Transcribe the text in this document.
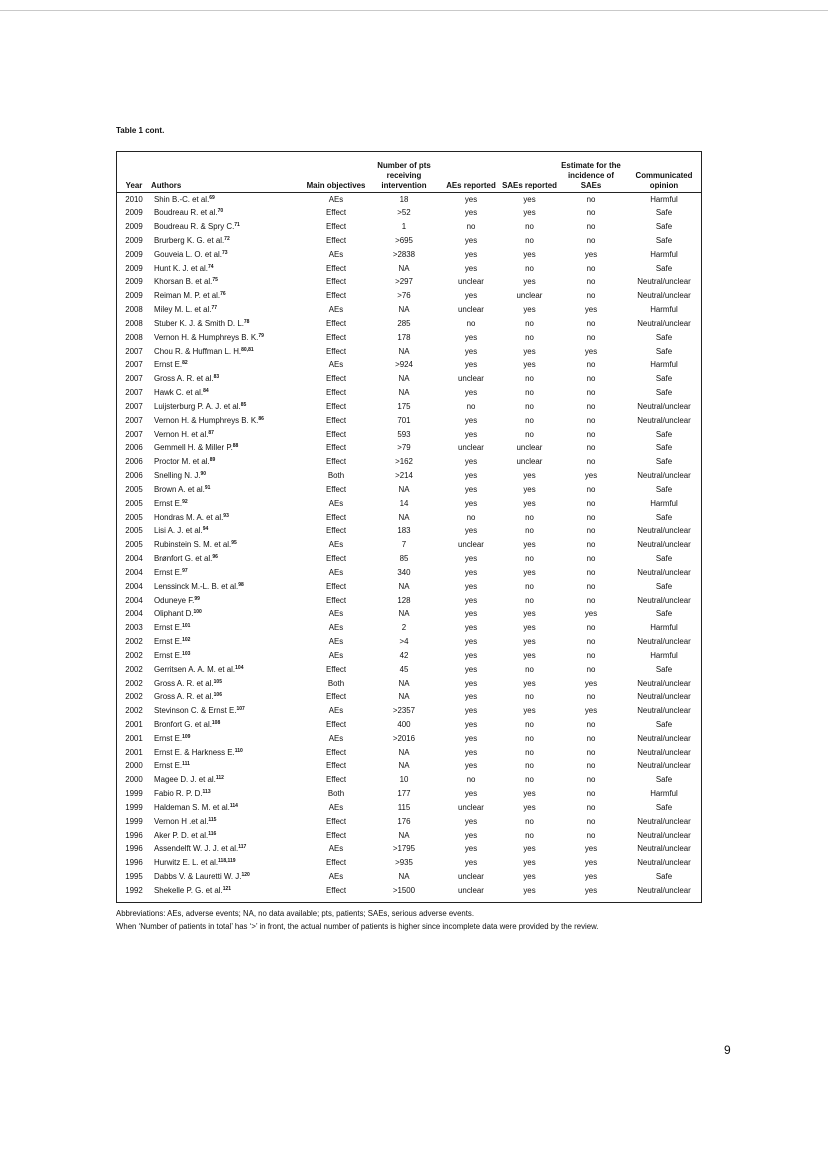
Table 1 cont.
Year	Authors	Main objectives	Number of pts receiving intervention	AEs reported	SAEs reported	Estimate for the incidence of SAEs	Communicated opinion
2010	Shin B.-C. et al.$^{69}$	AEs	18	yes	yes	no	Harmful
2009	Boudreau R. et al.$^{70}$	Effect	>52	yes	yes	no	Safe
2009	Boudreau R. & Spry C.$^{71}$	Effect	1	no	no	no	Safe
2009	Brurberg K. G. et al.$^{72}$	Effect	>695	yes	no	no	Safe
2009	Gouveia L. O. et al.$^{73}$	AEs	>2838	yes	yes	yes	Harmful
2009	Hunt K. J. et al.$^{74}$	Effect	NA	yes	no	no	Safe
2009	Khorsan B. et al.$^{75}$	Effect	>297	unclear	yes	no	Neutral/unclear
2009	Reiman M. P. et al.$^{76}$	Effect	>76	yes	unclear	no	Neutral/unclear
2008	Miley M. L. et al.$^{77}$	AEs	NA	unclear	yes	yes	Harmful
2008	Stuber K. J. & Smith D. L.$^{78}$	Effect	285	no	no	no	Neutral/unclear
2008	Vernon H. & Humphreys B. K.$^{79}$	Effect	178	yes	no	no	Safe
2007	Chou R. & Huffman L. H.$^{80,81}$	Effect	NA	yes	yes	yes	Safe
2007	Ernst E.$^{82}$	AEs	>924	yes	yes	no	Harmful
2007	Gross A. R. et al.$^{83}$	Effect	NA	unclear	no	no	Safe
2007	Hawk C. et al.$^{84}$	Effect	NA	yes	no	no	Safe
2007	Luijsterburg P. A. J. et al.$^{85}$	Effect	175	no	no	no	Neutral/unclear
2007	Vernon H. & Humphreys B. K.$^{86}$	Effect	701	yes	no	no	Neutral/unclear
2007	Vernon H. et al.$^{87}$	Effect	593	yes	no	no	Safe
2006	Gemmell H. & Miller P.$^{88}$	Effect	>79	unclear	unclear	no	Safe
2006	Proctor M. et al.$^{89}$	Effect	>162	yes	unclear	no	Safe
2006	Snelling N. J.$^{90}$	Both	>214	yes	yes	yes	Neutral/unclear
2005	Brown A. et al.$^{91}$	Effect	NA	yes	yes	no	Safe
2005	Ernst E.$^{92}$	AEs	14	yes	yes	no	Harmful
2005	Hondras M. A. et al.$^{93}$	Effect	NA	no	no	no	Safe
2005	Lisi A. J. et al.$^{94}$	Effect	183	yes	no	no	Neutral/unclear
2005	Rubinstein S. M. et al.$^{95}$	AEs	7	unclear	yes	no	Neutral/unclear
2004	Brønfort G. et al.$^{96}$	Effect	85	yes	no	no	Safe
2004	Ernst E.$^{97}$	AEs	340	yes	yes	no	Neutral/unclear
2004	Lenssinck M.-L. B. et al.$^{98}$	Effect	NA	yes	no	no	Safe
2004	Oduneye F.$^{99}$	Effect	128	yes	no	no	Neutral/unclear
2004	Oliphant D.$^{100}$	AEs	NA	yes	yes	yes	Safe
2003	Ernst E.$^{101}$	AEs	2	yes	yes	no	Harmful
2002	Ernst E.$^{102}$	AEs	>4	yes	yes	no	Neutral/unclear
2002	Ernst E.$^{103}$	AEs	42	yes	yes	no	Harmful
2002	Gerritsen A. A. M. et al.$^{104}$	Effect	45	yes	no	no	Safe
2002	Gross A. R. et al.$^{105}$	Both	NA	yes	yes	yes	Neutral/unclear
2002	Gross A. R. et al.$^{106}$	Effect	NA	yes	no	no	Neutral/unclear
2002	Stevinson C. & Ernst E.$^{107}$	AEs	>2357	yes	yes	yes	Neutral/unclear
2001	Bronfort G. et al.$^{108}$	Effect	400	yes	no	no	Safe
2001	Ernst E.$^{109}$	AEs	>2016	yes	no	no	Neutral/unclear
2001	Ernst E. & Harkness E.$^{110}$	Effect	NA	yes	no	no	Neutral/unclear
2000	Ernst E.$^{111}$	Effect	NA	yes	no	no	Neutral/unclear
2000	Magee D. J. et al.$^{112}$	Effect	10	no	no	no	Safe
1999	Fabio R. P. D.$^{113}$	Both	177	yes	yes	no	Harmful
1999	Haldeman S. M. et al.$^{114}$	AEs	115	unclear	yes	no	Safe
1999	Vernon H .et al.$^{115}$	Effect	176	yes	no	no	Neutral/unclear
1996	Aker P. D. et al.$^{116}$	Effect	NA	yes	no	no	Neutral/unclear
1996	Assendelft W. J. J. et al.$^{117}$	AEs	>1795	yes	yes	yes	Neutral/unclear
1996	Hurwitz E. L. et al.$^{118,119}$	Effect	>935	yes	yes	yes	Neutral/unclear
1995	Dabbs V. & Lauretti W. J.$^{120}$	AEs	NA	unclear	yes	yes	Safe
1992	Shekelle P. G. et al.$^{121}$	Effect	>1500	unclear	yes	yes	Neutral/unclear
Abbreviations: AEs, adverse events; NA, no data available; pts, patients; SAEs, serious adverse events.
When ‘Number of patients in total’ has ‘>’ in front, the actual number of patients is higher since incomplete data were provided by the review.
9
